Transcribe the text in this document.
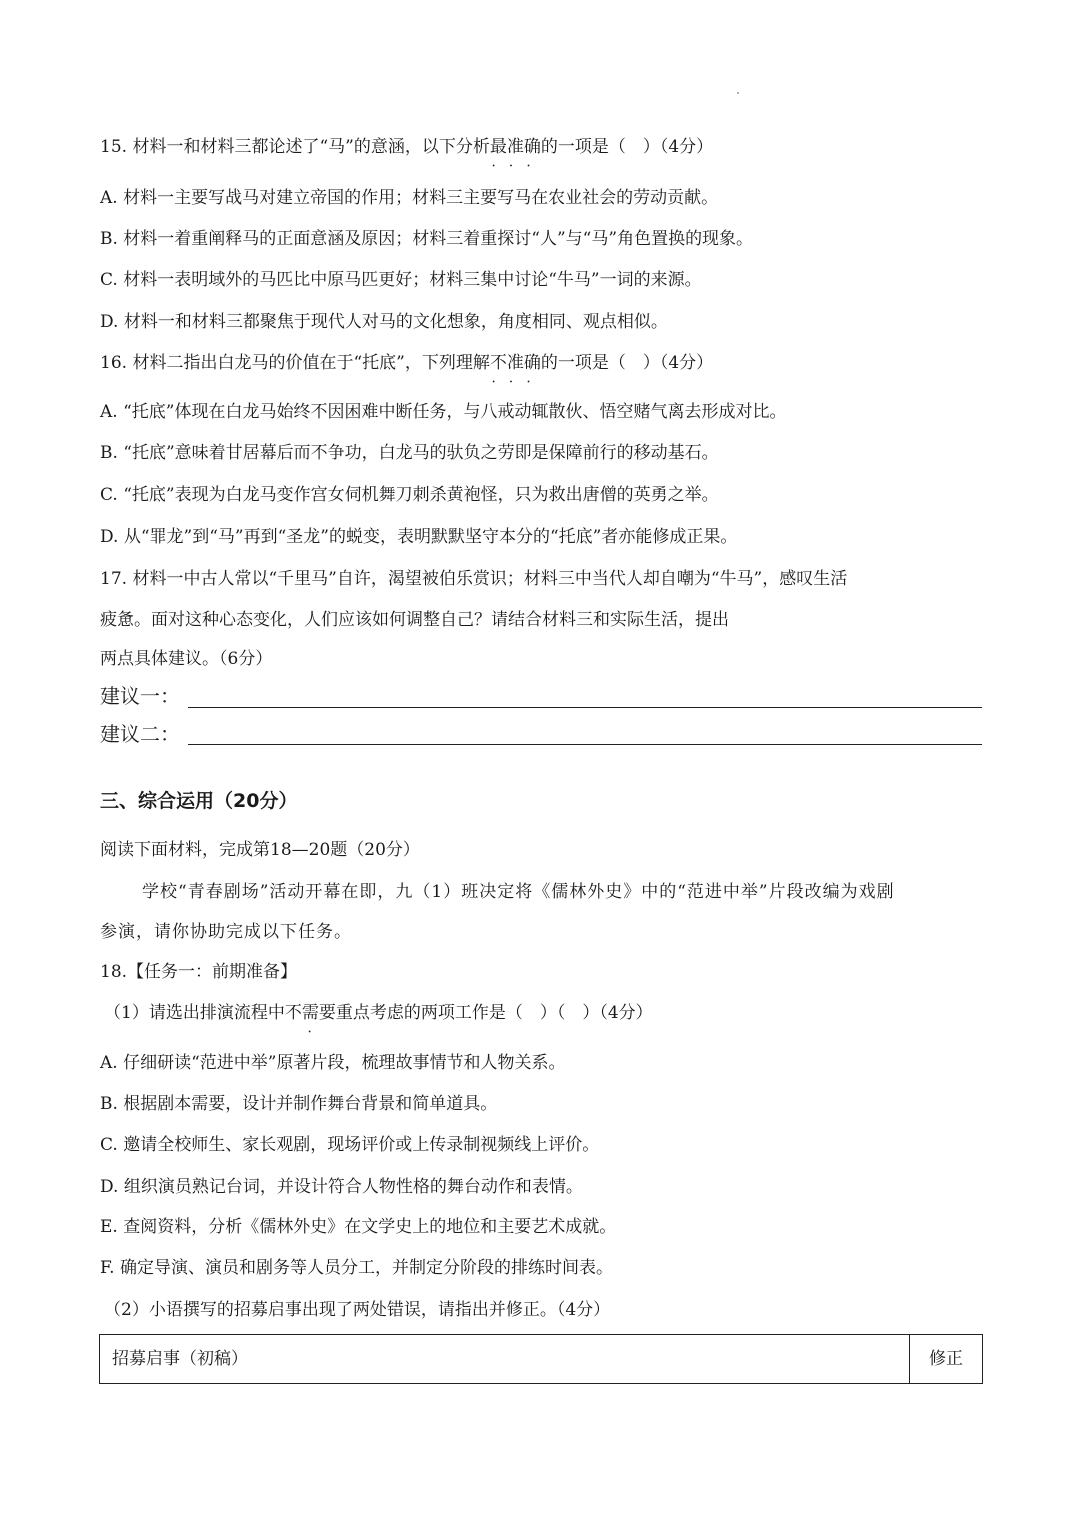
15. 材料一和材料三都论述了“马”的意涵，以下分析最准确 • • •的一项是（　）（4分）
A. 材料一主要写战马对建立帝国的作用；材料三主要写马在农业社会的劳动贡献。
B. 材料一着重阐释马的正面意涵及原因；材料三着重探讨“人”与“马”角色置换的现象。
C. 材料一表明域外的马匹比中原马匹更好；材料三集中讨论“牛马”一词的来源。
D. 材料一和材料三都聚焦于现代人对马的文化想象，角度相同、观点相似。
16. 材料二指出白龙马的价值在于“托底”，下列理解不准确 • • •的一项是（　）（4分）
A. “托底”体现在白龙马始终不因困难中断任务，与八戒动辄散伙、悟空赌气离去形成对比。
B. “托底”意味着甘居幕后而不争功，白龙马的驮负之劳即是保障前行的移动基石。
C. “托底”表现为白龙马变作宫女伺机舞刀刺杀黄袍怪，只为救出唐僧的英勇之举。
D. 从“罪龙”到“马”再到“圣龙”的蜕变，表明默默坚守本分的“托底”者亦能修成正果。
17. 材料一中古人常以“千里马”自许，渴望被伯乐赏识；材料三中当代人却自嘲为“牛马”，感叹生活
疲惫。面对这种心态变化，人们应该如何调整自己？请结合材料三和实际生活，提出
两点具体建议。（6分）
建议一：
建议二：
三、综合运用（20分）
阅读下面材料，完成第18—20题（20分）
学校“青春剧场”活动开幕在即，九（1）班决定将《儒林外史》中的“范进中举”片段改编为戏剧
参演，请你协助完成以下任务。
18.【任务一：前期准备】
（1）请选出排演流程中不需要重点考虑的两项工作是（　）（　）（4分）
A. 仔细研读“范进中举”原著片段，梳理故事情节和人物关系。
B. 根据剧本需要，设计并制作舞台背景和简单道具。
C. 邀请全校师生、家长观剧，现场评价或上传录制视频线上评价。
D. 组织演员熟记台词，并设计符合人物性格的舞台动作和表情。
E. 查阅资料，分析《儒林外史》在文学史上的地位和主要艺术成就。
F. 确定导演、演员和剧务等人员分工，并制定分阶段的排练时间表。
（2）小语撰写的招募启事出现了两处错误，请指出并修正。（4分）
招募启事（初稿）	修正
